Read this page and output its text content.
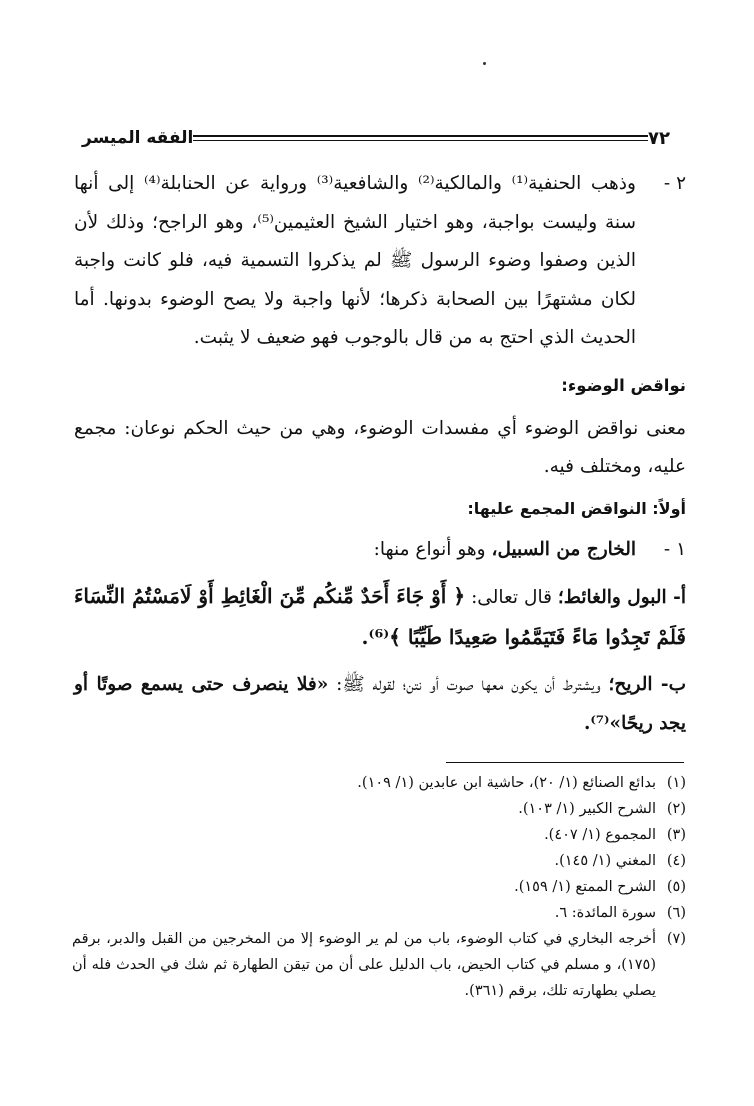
٧٢
الفقه الميسر
٢ -
وذهب الحنفية⁽¹⁾ والمالكية⁽²⁾ والشافعية⁽³⁾ ورواية عن الحنابلة⁽⁴⁾ إلى أنها سنة وليست بواجبة، وهو اختيار الشيخ العثيمين⁽⁵⁾، وهو الراجح؛ وذلك لأن الذين وصفوا وضوء الرسول ﷺ لم يذكروا التسمية فيه، فلو كانت واجبة لكان مشتهرًا بين الصحابة ذكرها؛ لأنها واجبة ولا يصح الوضوء بدونها. أما الحديث الذي احتج به من قال بالوجوب فهو ضعيف لا يثبت.
نواقض الوضوء:

معنى نواقض الوضوء أي مفسدات الوضوء، وهي من حيث الحكم نوعان: مجمع عليه، ومختلف فيه.

أولاً: النواقض المجمع عليها:
١ -
الخارج من السبيل، وهو أنواع منها:

أ- البول والغائط؛ قال تعالى: ﴿ أَوْ جَاءَ أَحَدٌ مِّنكُم مِّنَ الْغَائِطِ أَوْ لَامَسْتُمُ النِّسَاءَ فَلَمْ تَجِدُوا مَاءً فَتَيَمَّمُوا صَعِيدًا طَيِّبًا ﴾⁽⁶⁾.

ب- الريح؛ ويشترط أن يكون معها صوت أو نتن؛ لقوله ﷺ: «فلا ينصرف حتى يسمع صوتًا أو يجد ريحًا»⁽⁷⁾.

(١)
بدائع الصنائع (١/ ٢٠)، حاشية ابن عابدين (١/ ١٠٩).
(٢)
الشرح الكبير (١/ ١٠٣).
(٣)
المجموع (١/ ٤٠٧).
(٤)
المغني (١/ ١٤٥).
(٥)
الشرح الممتع (١/ ١٥٩).
(٦)
سورة المائدة: ٦.
(٧)
أخرجه البخاري في كتاب الوضوء، باب من لم ير الوضوء إلا من المخرجين من القبل والدبر، برقم (١٧٥)، و مسلم في كتاب الحيض، باب الدليل على أن من تيقن الطهارة ثم شك في الحدث فله أن يصلي بطهارته تلك، برقم (٣٦١).
